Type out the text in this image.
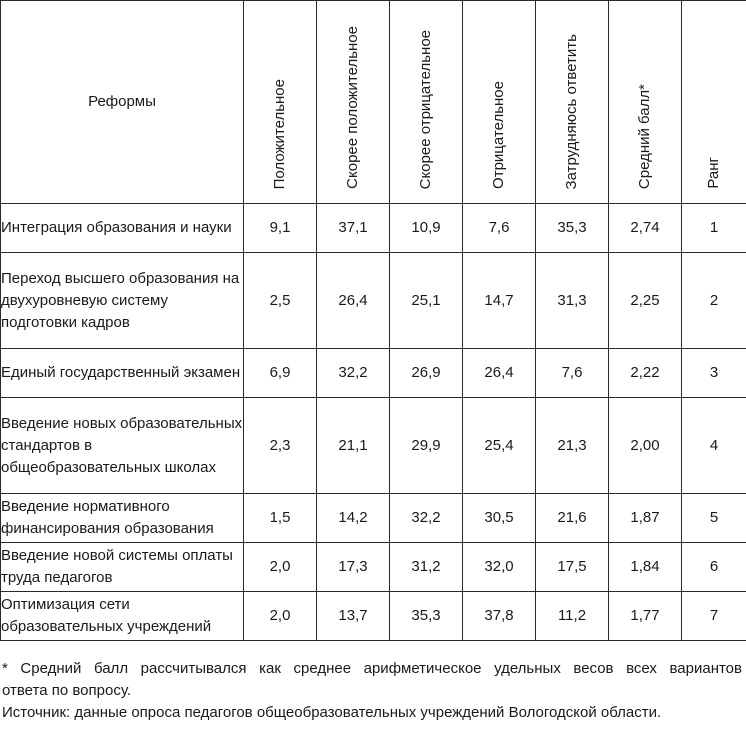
Реформы	Положительное	Скорее положительное	Скорее отрицательное	Отрицательное	Затрудняюсь ответить	Средний балл*	Ранг

Интеграция образования и науки	9,1	37,1	10,9	7,6	35,3	2,74	1
Переход высшего образования на двухуровневую систему подготовки кадров	2,5	26,4	25,1	14,7	31,3	2,25	2
Единый государственный экзамен	6,9	32,2	26,9	26,4	7,6	2,22	3
Введение новых образовательных стандартов в общеобразовательных школах	2,3	21,1	29,9	25,4	21,3	2,00	4
Введение нормативного финансирования образования	1,5	14,2	32,2	30,5	21,6	1,87	5
Введение новой системы оплаты труда педагогов	2,0	17,3	31,2	32,0	17,5	1,84	6
Оптимизация сети образовательных учреждений	2,0	13,7	35,3	37,8	11,2	1,77	7

* Средний балл рассчитывался как среднее арифметическое удельных весов всех вариантов

ответа по вопросу.

Источник: данные опроса педагогов общеобразовательных учреждений Вологодской области.
